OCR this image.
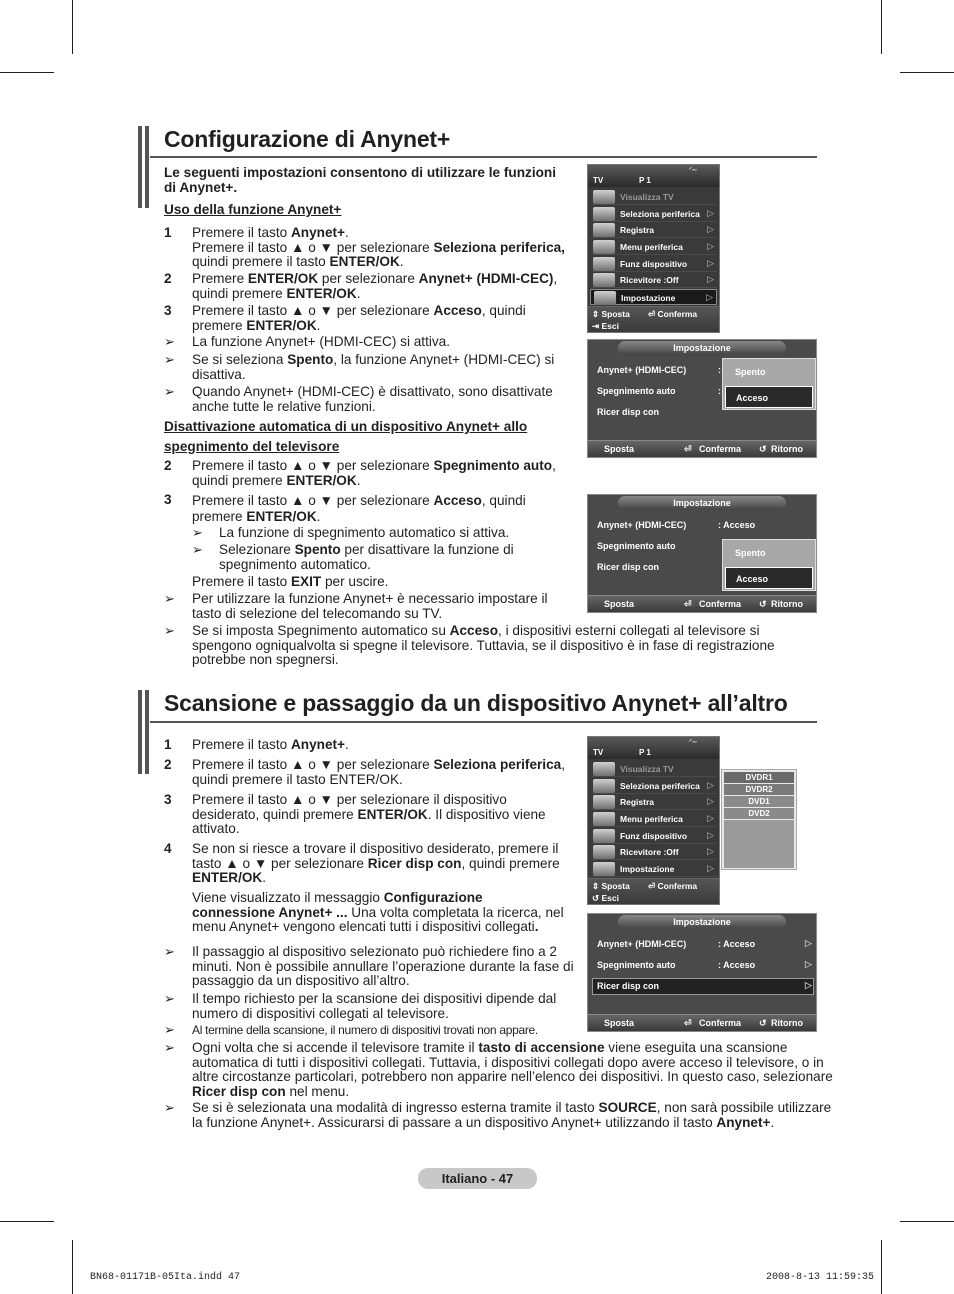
Configurazione di Anynet+
Le seguenti impostazioni consentono di utilizzare le funzioni
di Anynet+.
Uso della funzione Anynet+
1 Premere il tasto Anynet+.
Premere il tasto ▲ o ▼ per selezionare Seleziona periferica,
quindi premere il tasto ENTER/OK.
2 Premere ENTER/OK per selezionare Anynet+ (HDMI-CEC),
quindi premere ENTER/OK.
3 Premere il tasto ▲ o ▼ per selezionare Acceso, quindi
premere ENTER/OK.
➢ La funzione Anynet+ (HDMI-CEC) si attiva.
➢ Se si seleziona Spento, la funzione Anynet+ (HDMI-CEC) si
disattiva.
➢ Quando Anynet+ (HDMI-CEC) è disattivato, sono disattivate
anche tutte le relative funzioni.
Disattivazione automatica di un dispositivo Anynet+ allo
spegnimento del televisore
2 Premere il tasto ▲ o ▼ per selezionare Spegnimento auto,
quindi premere ENTER/OK.
3 Premere il tasto ▲ o ▼ per selezionare Acceso, quindi
premere ENTER/OK.
➢ La funzione di spegnimento automatico si attiva.
➢ Selezionare Spento per disattivare la funzione di
spegnimento automatico.
Premere il tasto EXIT per uscire.
➢ Per utilizzare la funzione Anynet+ è necessario impostare il
tasto di selezione del telecomando su TV.
➢ Se si imposta Spegnimento automatico su Acceso, i dispositivi esterni collegati al televisore si
spengono ogniqualvolta si spegne il televisore. Tuttavia, se il dispositivo è in fase di registrazione
potrebbe non spegnersi.
TV	P 1
ᐟ∼
Visualizza TV
Seleziona periferica ▷
Registra	▷
Menu periferica	▷
Funz dispositivo ▷
Ricevitore :Off	▷
Impostazione	▷
⇕ Sposta ⏎ Conferma
⇥ Esci
Impostazione
Anynet+ (HDMI-CEC)	:
Spegnimento auto	:
Ricer disp con
Spento
Acceso
Sposta	⏎ Conferma ↺ Ritorno
Impostazione
Anynet+ (HDMI-CEC)	: Acceso
Spegnimento auto
Ricer disp con
Spento
Acceso
Sposta	⏎ Conferma ↺ Ritorno
Scansione e passaggio da un dispositivo Anynet+ all’altro
1 Premere il tasto Anynet+.
2 Premere il tasto ▲ o ▼ per selezionare Seleziona periferica,
quindi premere il tasto ENTER/OK.
3 Premere il tasto ▲ o ▼ per selezionare il dispositivo
desiderato, quindi premere ENTER/OK. Il dispositivo viene
attivato.
4 Se non si riesce a trovare il dispositivo desiderato, premere il
tasto ▲ o ▼ per selezionare Ricer disp con, quindi premere
ENTER/OK.
Viene visualizzato il messaggio Configurazione
connessione Anynet+ ... Una volta completata la ricerca, nel
menu Anynet+ vengono elencati tutti i dispositivi collegati.
➢ Il passaggio al dispositivo selezionato può richiedere fino a 2
minuti. Non è possibile annullare l’operazione durante la fase di
passaggio da un dispositivo all’altro.
➢ Il tempo richiesto per la scansione dei dispositivi dipende dal
numero di dispositivi collegati al televisore.
➢ Al termine della scansione, il numero di dispositivi trovati non appare.
➢ Ogni volta che si accende il televisore tramite il tasto di accensione viene eseguita una scansione
automatica di tutti i dispositivi collegati. Tuttavia, i dispositivi collegati dopo avere acceso il televisore, o in
altre circostanze particolari, potrebbero non apparire nell’elenco dei dispositivi. In questo caso, selezionare
Ricer disp con nel menu.
➢ Se si è selezionata una modalità di ingresso esterna tramite il tasto SOURCE, non sarà possibile utilizzare
la funzione Anynet+. Assicurarsi di passare a un dispositivo Anynet+ utilizzando il tasto Anynet+.
TV	P 1
ᐟ∼
Visualizza TV
Seleziona periferica ▷
Registra	▷
Menu periferica	▷
Funz dispositivo ▷
Ricevitore :Off	▷
Impostazione	▷
⇕ Sposta ⏎ Conferma
↺ Esci
DVDR1
DVDR2
DVD1
DVD2
Impostazione
Anynet+ (HDMI-CEC)	: Acceso	▷
Spegnimento auto	: Acceso	▷
Ricer disp con	▷
Sposta	⏎ Conferma ↺ Ritorno
Italiano - 47
BN68-01171B-05Ita.indd 47	2008-8-13 11:59:35
